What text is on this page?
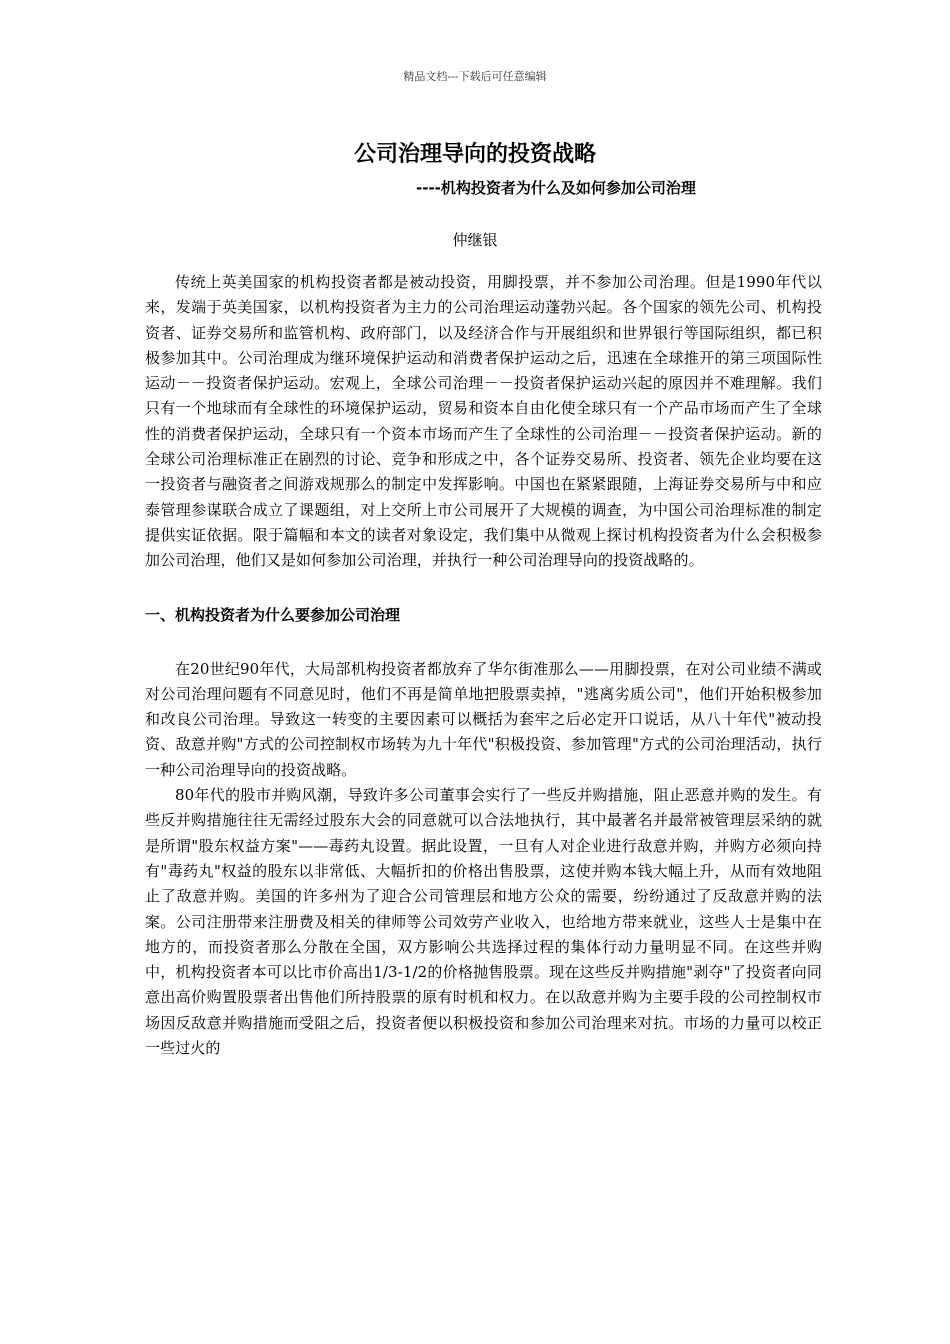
精品文档---下载后可任意编辑
公司治理导向的投资战略
----机构投资者为什么及如何参加公司治理
仲继银

传统上英美国家的机构投资者都是被动投资，用脚投票，并不参加公司治理。但是1990年代以来，发端于英美国家，以机构投资者为主力的公司治理运动蓬勃兴起。各个国家的领先公司、机构投资者、证券交易所和监管机构、政府部门，以及经济合作与开展组织和世界银行等国际组织，都已积极参加其中。公司治理成为继环境保护运动和消费者保护运动之后，迅速在全球推开的第三项国际性运动－－投资者保护运动。宏观上，全球公司治理－－投资者保护运动兴起的原因并不难理解。我们只有一个地球而有全球性的环境保护运动，贸易和资本自由化使全球只有一个产品市场而产生了全球性的消费者保护运动，全球只有一个资本市场而产生了全球性的公司治理－－投资者保护运动。新的全球公司治理标准正在剧烈的讨论、竞争和形成之中，各个证券交易所、投资者、领先企业均要在这一投资者与融资者之间游戏规那么的制定中发挥影响。中国也在紧紧跟随，上海证券交易所与中和应泰管理参谋联合成立了课题组，对上交所上市公司展开了大规模的调查，为中国公司治理标准的制定提供实证依据。限于篇幅和本文的读者对象设定，我们集中从微观上探讨机构投资者为什么会积极参加公司治理，他们又是如何参加公司治理，并执行一种公司治理导向的投资战略的。

一、机构投资者为什么要参加公司治理

在20世纪90年代，大局部机构投资者都放弃了华尔街准那么——用脚投票，在对公司业绩不满或对公司治理问题有不同意见时，他们不再是简单地把股票卖掉，"逃离劣质公司"，他们开始积极参加和改良公司治理。导致这一转变的主要因素可以概括为套牢之后必定开口说话，从八十年代"被动投资、敌意并购"方式的公司控制权市场转为九十年代"积极投资、参加管理"方式的公司治理活动，执行一种公司治理导向的投资战略。

80年代的股市并购风潮，导致许多公司董事会实行了一些反并购措施，阻止恶意并购的发生。有些反并购措施往往无需经过股东大会的同意就可以合法地执行，其中最著名并最常被管理层采纳的就是所谓"股东权益方案"——毒药丸设置。据此设置，一旦有人对企业进行敌意并购，并购方必须向持有"毒药丸"权益的股东以非常低、大幅折扣的价格出售股票，这使并购本钱大幅上升，从而有效地阻止了敌意并购。美国的许多州为了迎合公司管理层和地方公众的需要，纷纷通过了反敌意并购的法案。公司注册带来注册费及相关的律师等公司效劳产业收入，也给地方带来就业，这些人士是集中在地方的，而投资者那么分散在全国，双方影响公共选择过程的集体行动力量明显不同。在这些并购中，机构投资者本可以比市价高出1/3-1/2的价格抛售股票。现在这些反并购措施"剥夺"了投资者向同意出高价购置股票者出售他们所持股票的原有时机和权力。在以敌意并购为主要手段的公司控制权市场因反敌意并购措施而受阻之后，投资者便以积极投资和参加公司治理来对抗。市场的力量可以校正一些过火的
